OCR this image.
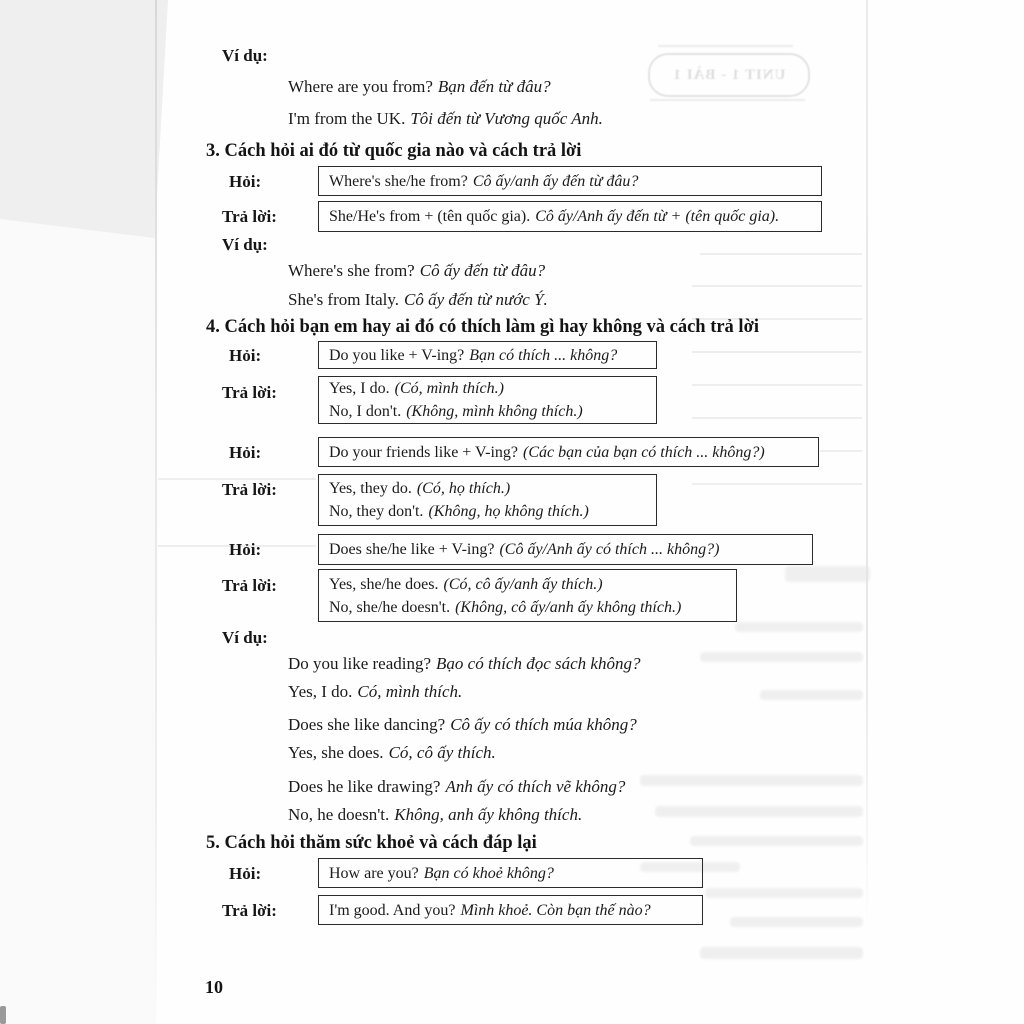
UNIT 1 - BÀI 1
Ví dụ:
Where are you from? Bạn đến từ đâu?
I'm from the UK. Tôi đến từ Vương quốc Anh.
3. Cách hỏi ai đó từ quốc gia nào và cách trả lời
Hỏi:	Where's she/he from? Cô ấy/anh ấy đến từ đâu?
Trả lời:	She/He's from + (tên quốc gia). Cô ấy/Anh ấy đến từ + (tên quốc gia).
Ví dụ:
Where's she from? Cô ấy đến từ đâu?
She's from Italy. Cô ấy đến từ nước Ý.
4. Cách hỏi bạn em hay ai đó có thích làm gì hay không và cách trả lời
Hỏi:	Do you like + V-ing? Bạn có thích ... không?
Trả lời:	Yes, I do. (Có, mình thích.)
No, I don't. (Không, mình không thích.)
Hỏi:	Do your friends like + V-ing? (Các bạn của bạn có thích ... không?)
Trả lời:	Yes, they do. (Có, họ thích.)
No, they don't. (Không, họ không thích.)
Hỏi:	Does she/he like + V-ing? (Cô ấy/Anh ấy có thích ... không?)
Trả lời:	Yes, she/he does. (Có, cô ấy/anh ấy thích.)
No, she/he doesn't. (Không, cô ấy/anh ấy không thích.)
Ví dụ:
Do you like reading? Bạo có thích đọc sách không?
Yes, I do. Có, mình thích.
Does she like dancing? Cô ấy có thích múa không?
Yes, she does. Có, cô ấy thích.
Does he like drawing? Anh ấy có thích vẽ không?
No, he doesn't. Không, anh ấy không thích.
5. Cách hỏi thăm sức khoẻ và cách đáp lại
Hỏi:	How are you? Bạn có khoẻ không?
Trả lời:	I'm good. And you? Mình khoẻ. Còn bạn thế nào?
10
